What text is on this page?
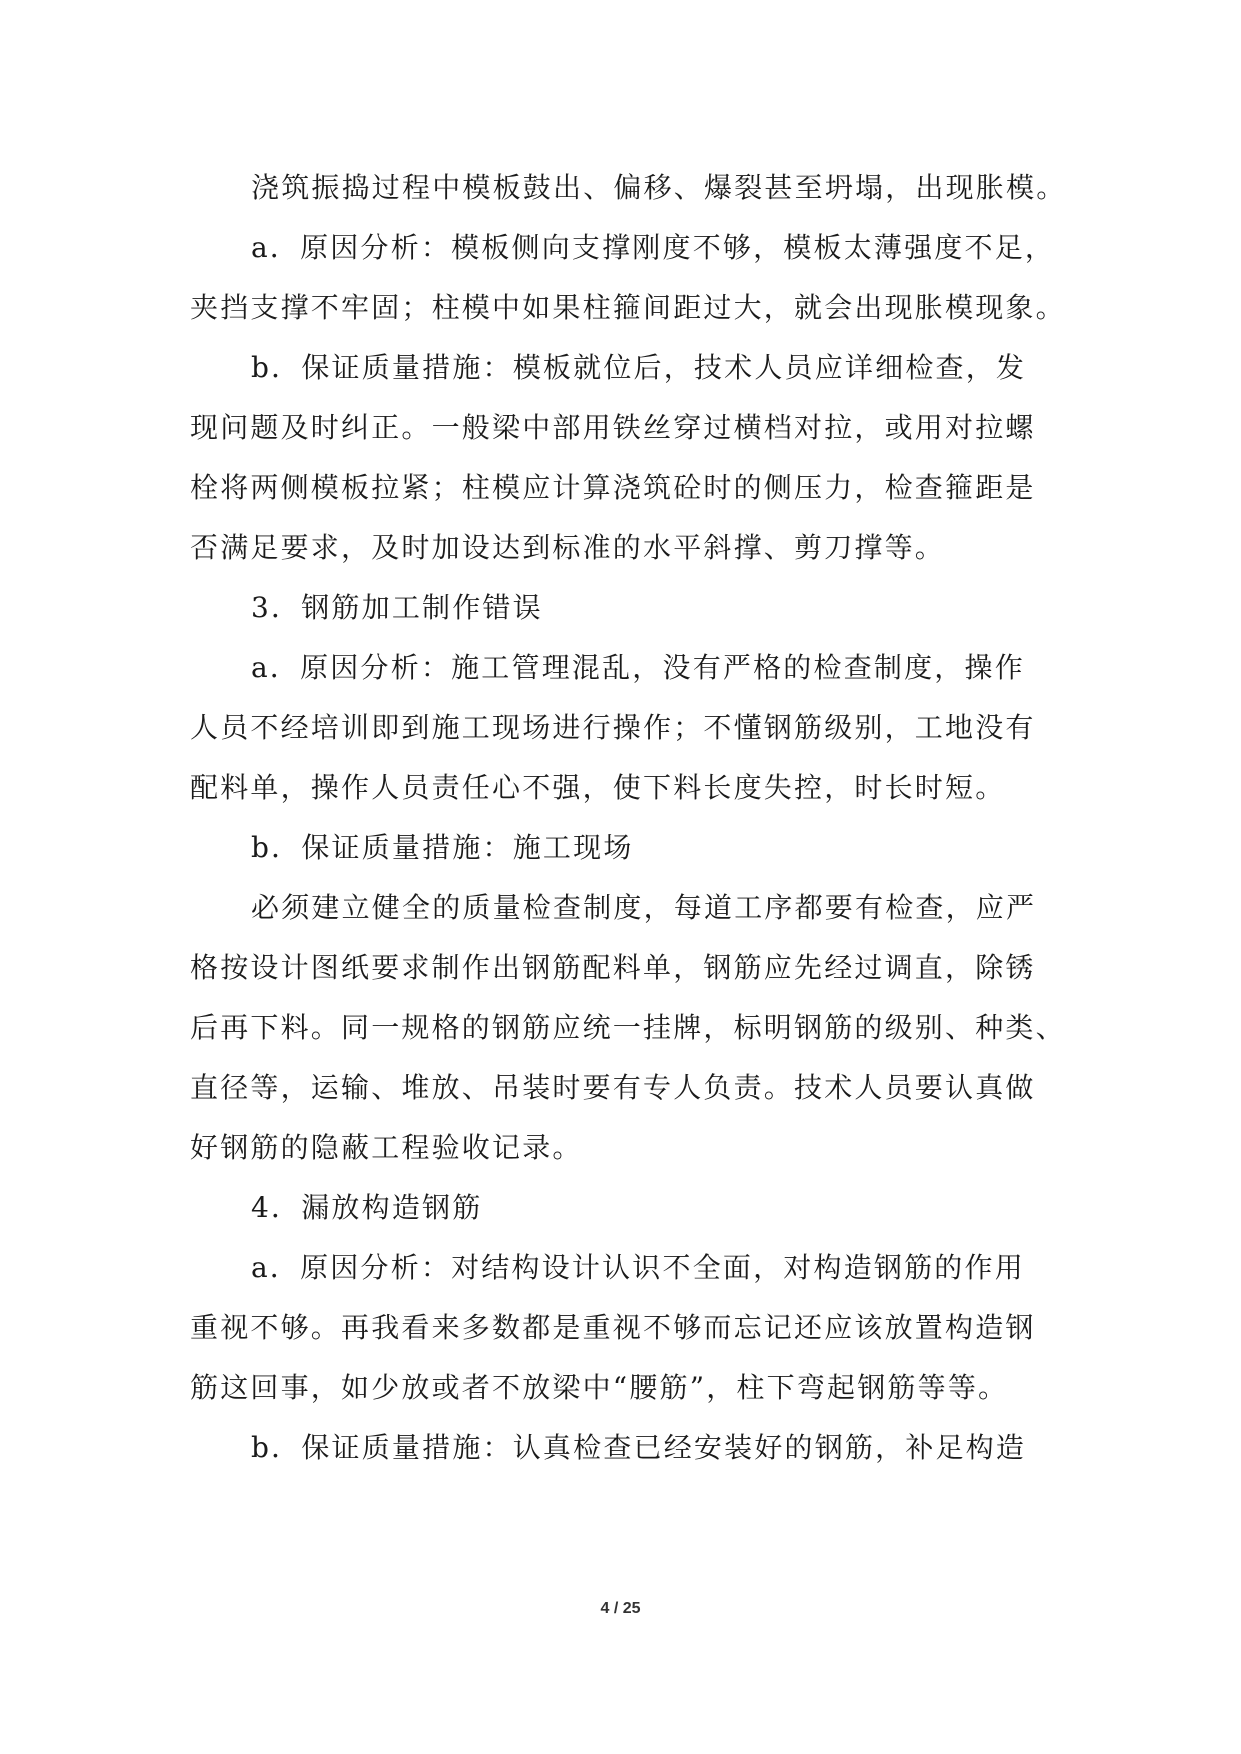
浇筑振捣过程中模板鼓出、偏移、爆裂甚至坍塌，出现胀模。
a．原因分析：模板侧向支撑刚度不够，模板太薄强度不足，
夹挡支撑不牢固；柱模中如果柱箍间距过大，就会出现胀模现象。
b．保证质量措施：模板就位后，技术人员应详细检查，发
现问题及时纠正。一般梁中部用铁丝穿过横档对拉，或用对拉螺
栓将两侧模板拉紧；柱模应计算浇筑砼时的侧压力，检查箍距是
否满足要求，及时加设达到标准的水平斜撑、剪刀撑等。
3．钢筋加工制作错误
a．原因分析：施工管理混乱，没有严格的检查制度，操作
人员不经培训即到施工现场进行操作；不懂钢筋级别，工地没有
配料单，操作人员责任心不强，使下料长度失控，时长时短。
b．保证质量措施：施工现场
必须建立健全的质量检查制度，每道工序都要有检查，应严
格按设计图纸要求制作出钢筋配料单，钢筋应先经过调直，除锈
后再下料。同一规格的钢筋应统一挂牌，标明钢筋的级别、种类、
直径等，运输、堆放、吊装时要有专人负责。技术人员要认真做
好钢筋的隐蔽工程验收记录。
4．漏放构造钢筋
a．原因分析：对结构设计认识不全面，对构造钢筋的作用
重视不够。再我看来多数都是重视不够而忘记还应该放置构造钢
筋这回事，如少放或者不放梁中“腰筋”，柱下弯起钢筋等等。
b．保证质量措施：认真检查已经安装好的钢筋，补足构造
4 / 25
